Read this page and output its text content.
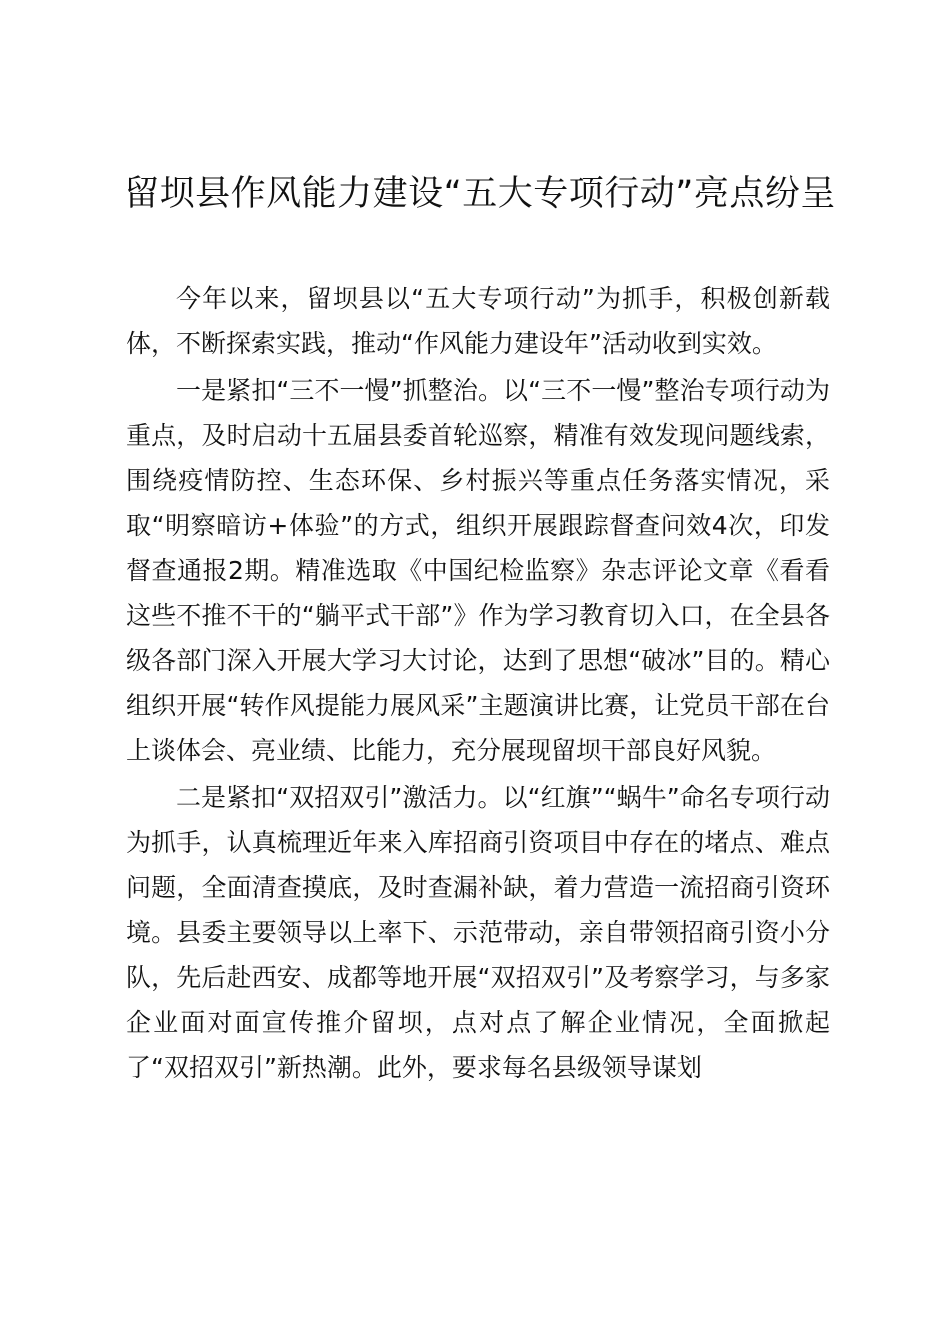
留坝县作风能力建设“五大专项行动”亮点纷呈

今年以来，留坝县以“五大专项行动”为抓手，积极创新载体，不断探索实践，推动“作风能力建设年”活动收到实效。

一是紧扣“三不一慢”抓整治。以“三不一慢”整治专项行动为重点，及时启动十五届县委首轮巡察，精准有效发现问题线索，围绕疫情防控、生态环保、乡村振兴等重点任务落实情况，采取“明察暗访+体验”的方式，组织开展跟踪督查问效4次，印发督查通报2期。精准选取《中国纪检监察》杂志评论文章《看看这些不推不干的“躺平式干部”》作为学习教育切入口，在全县各级各部门深入开展大学习大讨论，达到了思想“破冰”目的。精心组织开展“转作风提能力展风采”主题演讲比赛，让党员干部在台上谈体会、亮业绩、比能力，充分展现留坝干部良好风貌。

二是紧扣“双招双引”激活力。以“红旗”“蜗牛”命名专项行动为抓手，认真梳理近年来入库招商引资项目中存在的堵点、难点问题，全面清查摸底，及时查漏补缺，着力营造一流招商引资环境。县委主要领导以上率下、示范带动，亲自带领招商引资小分队，先后赴西安、成都等地开展“双招双引”及考察学习，与多家企业面对面宣传推介留坝，点对点了解企业情况，全面掀起了“双招双引”新热潮。此外，要求每名县级领导谋划
